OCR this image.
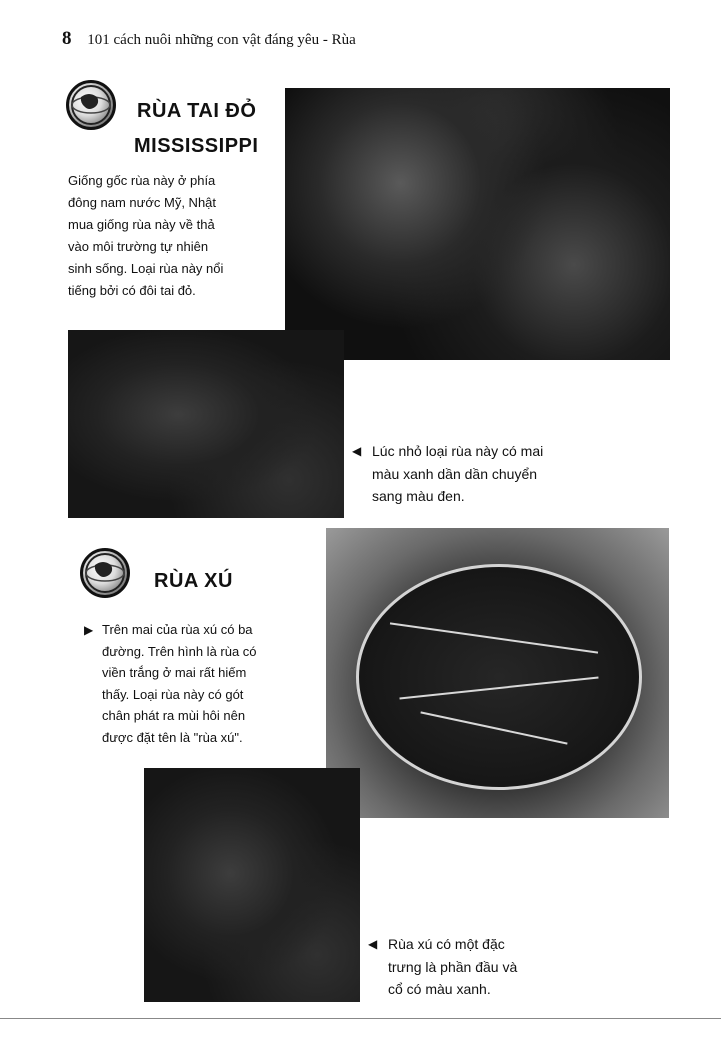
8 101 cách nuôi những con vật đáng yêu - Rùa
RÙA TAI ĐỎ
MISSISSIPPI
Giống gốc rùa này ở phía
đông nam nước Mỹ, Nhật
mua giống rùa này về thả
vào môi trường tự nhiên
sinh sống. Loại rùa này nổi
tiếng bởi có đôi tai đỏ.
◀ Lúc nhỏ loại rùa này có mai
màu xanh dần dần chuyển
sang màu đen.
RÙA XÚ
▶ Trên mai của rùa xú có ba
đường. Trên hình là rùa có
viền trắng ở mai rất hiếm
thấy. Loại rùa này có gót
chân phát ra mùi hôi nên
được đặt tên là "rùa xú".
◀ Rùa xú có một đặc
trưng là phần đầu và
cổ có màu xanh.
